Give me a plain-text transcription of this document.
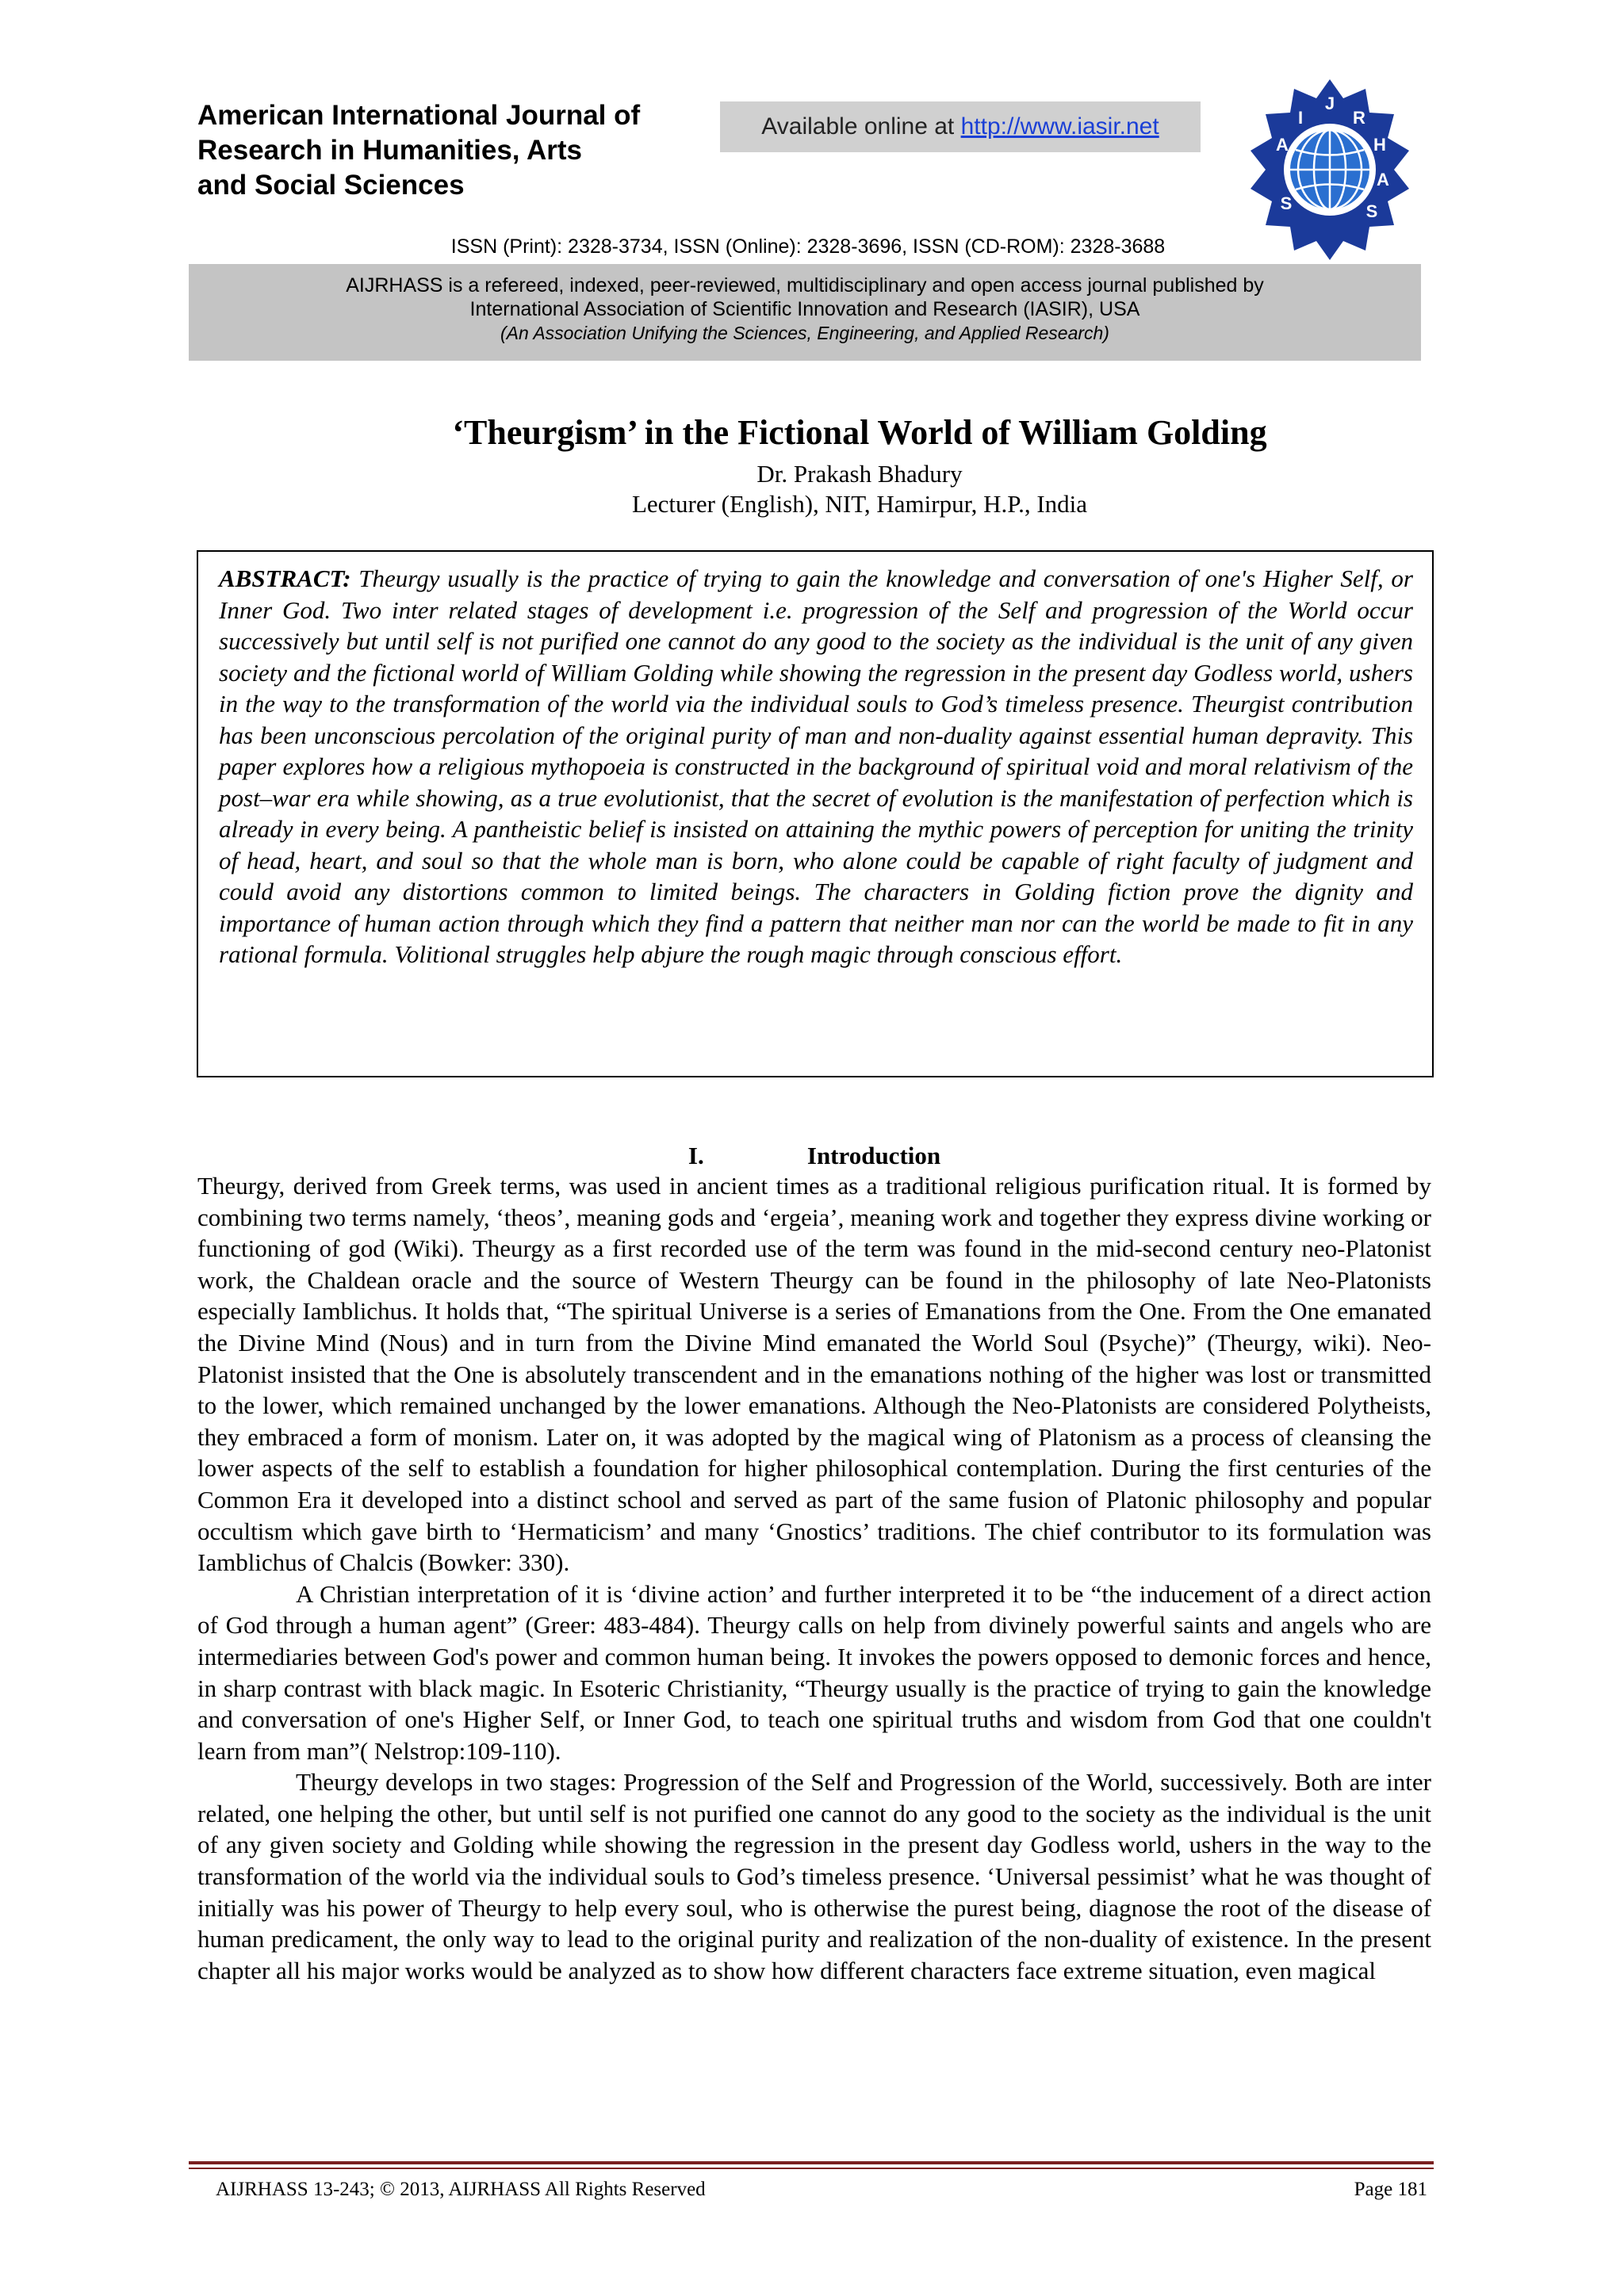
American International Journal of
Research in Humanities, Arts
and Social Sciences
Available online at http://www.iasir.net
A
I
J
R
H
A
S
S
ISSN (Print): 2328-3734, ISSN (Online): 2328-3696, ISSN (CD-ROM): 2328-3688
AIJRHASS is a refereed, indexed, peer-reviewed, multidisciplinary and open access journal published by
International Association of Scientific Innovation and Research (IASIR), USA
(An Association Unifying the Sciences, Engineering, and Applied Research)
‘Theurgism’ in the Fictional World of William Golding
Dr. Prakash Bhadury
Lecturer (English), NIT, Hamirpur, H.P., India

ABSTRACT: Theurgy usually is the practice of trying to gain the knowledge and conversation of one's Higher Self, or Inner God. Two inter related stages of development i.e. progression of the Self and progression of the World occur successively but until self is not purified one cannot do any good to the society as the individual is the unit of any given society and the fictional world of William Golding while showing the regression in the present day Godless world, ushers in the way to the transformation of the world via the individual souls to God’s timeless presence. Theurgist contribution has been unconscious percolation of the original purity of man and non-duality against essential human depravity. This paper explores how a religious mythopoeia is constructed in the background of spiritual void and moral relativism of the post–war era while showing, as a true evolutionist, that the secret of evolution is the manifestation of perfection which is already in every being. A pantheistic belief is insisted on attaining the mythic powers of perception for uniting the trinity of head, heart, and soul so that the whole man is born, who alone could be capable of right faculty of judgment and could avoid any distortions common to limited beings. The characters in Golding fiction prove the dignity and importance of human action through which they find a pattern that neither man nor can the world be made to fit in any rational formula. Volitional struggles help abjure the rough magic through conscious effort.

I.	Introduction

Theurgy, derived from Greek terms, was used in ancient times as a traditional religious purification ritual. It is formed by combining two terms namely, ‘theos’, meaning gods and ‘ergeia’, meaning work and together they express divine working or functioning of god (Wiki). Theurgy as a first recorded use of the term was found in the mid-second century neo-Platonist work, the Chaldean oracle and the source of Western Theurgy can be found in the philosophy of late Neo-Platonists especially Iamblichus. It holds that, “The spiritual Universe is a series of Emanations from the One. From the One emanated the Divine Mind (Nous) and in turn from the Divine Mind emanated the World Soul (Psyche)” (Theurgy, wiki). Neo-Platonist insisted that the One is absolutely transcendent and in the emanations nothing of the higher was lost or transmitted to the lower, which remained unchanged by the lower emanations. Although the Neo-Platonists are considered Polytheists, they embraced a form of monism. Later on, it was adopted by the magical wing of Platonism as a process of cleansing the lower aspects of the self to establish a foundation for higher philosophical contemplation. During the first centuries of the Common Era it developed into a distinct school and served as part of the same fusion of Platonic philosophy and popular occultism which gave birth to ‘Hermaticism’ and many ‘Gnostics’ traditions. The chief contributor to its formulation was Iamblichus of Chalcis (Bowker: 330).

A Christian interpretation of it is ‘divine action’ and further interpreted it to be “the inducement of a direct action of God through a human agent” (Greer: 483-484). Theurgy calls on help from divinely powerful saints and angels who are intermediaries between God's power and common human being. It invokes the powers opposed to demonic forces and hence, in sharp contrast with black magic. In Esoteric Christianity, “Theurgy usually is the practice of trying to gain the knowledge and conversation of one's Higher Self, or Inner God, to teach one spiritual truths and wisdom from God that one couldn't learn from man”( Nelstrop:109-110).

Theurgy develops in two stages: Progression of the Self and Progression of the World, successively. Both are inter related, one helping the other, but until self is not purified one cannot do any good to the society as the individual is the unit of any given society and Golding while showing the regression in the present day Godless world, ushers in the way to the transformation of the world via the individual souls to God’s timeless presence. ‘Universal pessimist’ what he was thought of initially was his power of Theurgy to help every soul, who is otherwise the purest being, diagnose the root of the disease of human predicament, the only way to lead to the original purity and realization of the non-duality of existence. In the present chapter all his major works would be analyzed as to show how different characters face extreme situation, even magical

AIJRHASS 13-243; © 2013, AIJRHASS All Rights Reserved	Page 181
